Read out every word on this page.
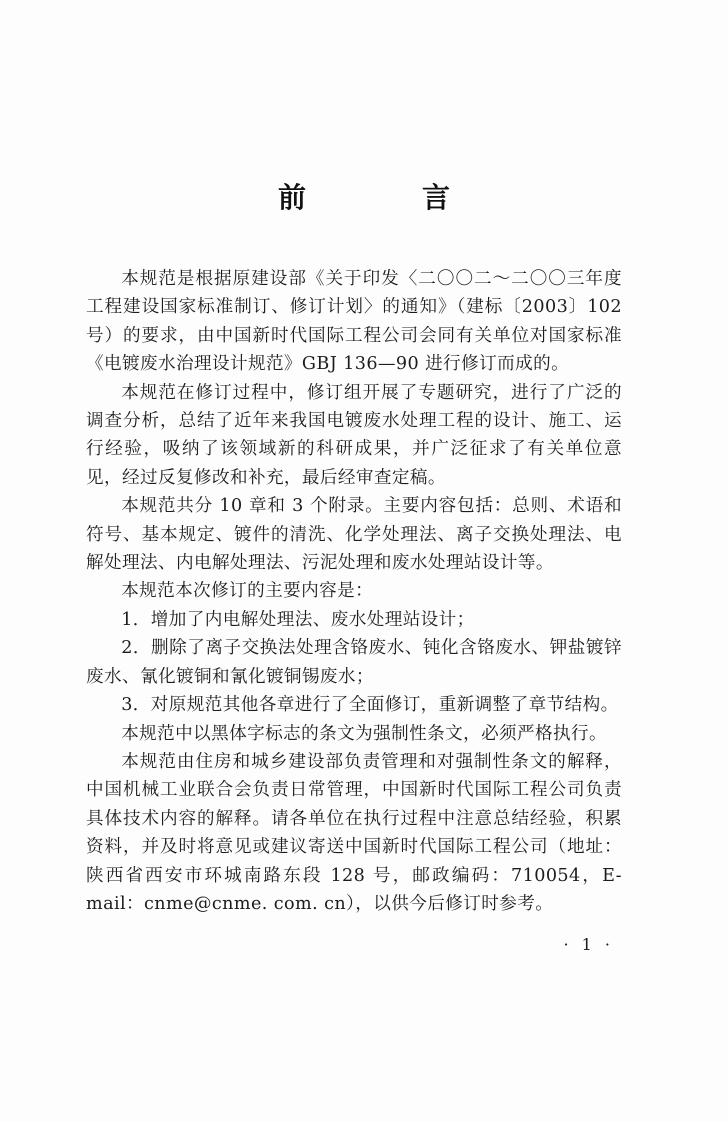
前　言

本规范是根据原建设部《关于印发〈二〇〇二～二〇〇三年度工程建设国家标准制订、修订计划〉的通知》（建标〔2003〕102 号）的要求，由中国新时代国际工程公司会同有关单位对国家标准《电镀废水治理设计规范》GBJ 136—90 进行修订而成的。

本规范在修订过程中，修订组开展了专题研究，进行了广泛的调查分析，总结了近年来我国电镀废水处理工程的设计、施工、运行经验，吸纳了该领域新的科研成果，并广泛征求了有关单位意见，经过反复修改和补充，最后经审查定稿。

本规范共分 10 章和 3 个附录。主要内容包括：总则、术语和符号、基本规定、镀件的清洗、化学处理法、离子交换处理法、电解处理法、内电解处理法、污泥处理和废水处理站设计等。

本规范本次修订的主要内容是：

1．增加了内电解处理法、废水处理站设计；

2．删除了离子交换法处理含铬废水、钝化含铬废水、钾盐镀锌废水、氰化镀铜和氰化镀铜锡废水；

3．对原规范其他各章进行了全面修订，重新调整了章节结构。

本规范中以黑体字标志的条文为强制性条文，必须严格执行。

本规范由住房和城乡建设部负责管理和对强制性条文的解释，中国机械工业联合会负责日常管理，中国新时代国际工程公司负责具体技术内容的解释。请各单位在执行过程中注意总结经验，积累资料，并及时将意见或建议寄送中国新时代国际工程公司（地址：陕西省西安市环城南路东段 128 号，邮政编码：710054，E-mail：cnme@cnme. com. cn），以供今后修订时参考。

· 1 ·
